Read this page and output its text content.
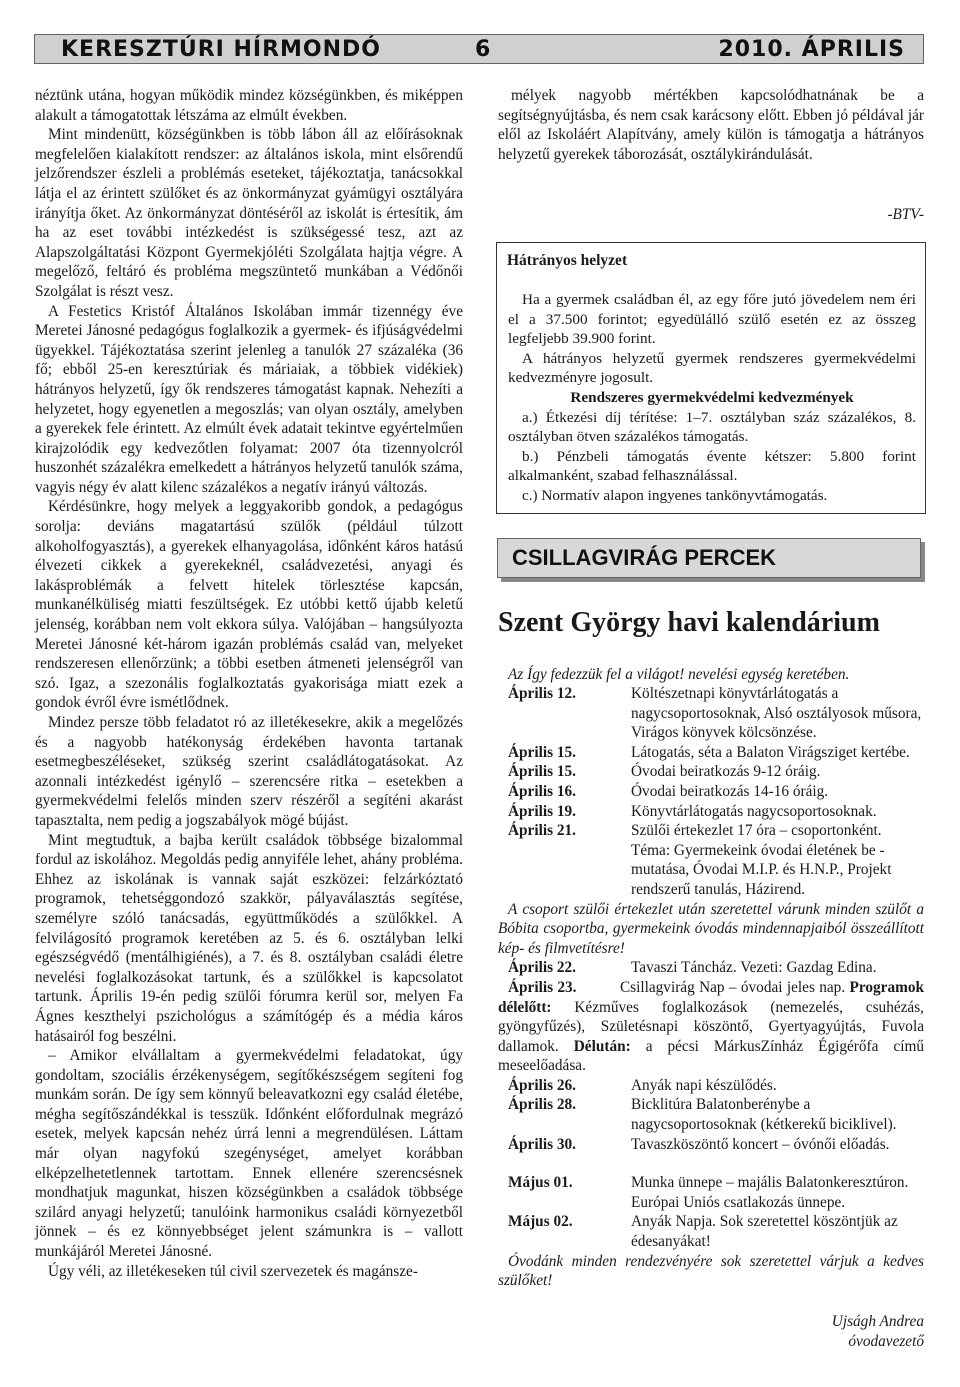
KERESZTÚRI HÍRMONDÓ	6	2010. ÁPRILIS

néztünk utána, hogyan működik mindez községünkben, és miképpen alakult a támogatottak létszáma az elmúlt években.

Mint mindenütt, községünkben is több lábon áll az előírásoknak megfelelően kialakított rendszer: az általános iskola, mint elsőrendű jelzőrendszer észleli a problémás eseteket, tájékoztatja, tanácsokkal látja el az érintett szülőket és az önkormányzat gyámügyi osztályára irányítja őket. Az önkormányzat döntéséről az iskolát is értesítik, ám ha az eset további intézkedést is szükségessé tesz, azt az Alapszolgáltatási Központ Gyermekjóléti Szolgálata hajtja végre. A megelőző, feltáró és probléma megszüntető munkában a Védőnői Szolgálat is részt vesz.

A Festetics Kristóf Általános Iskolában immár tizennégy éve Meretei Jánosné pedagógus foglalkozik a gyermek- és ifjúságvédelmi ügyekkel. Tájékoztatása szerint jelenleg a tanulók 27 százaléka (36 fő; ebből 25-en keresztúriak és máriaiak, a többiek vidékiek) hátrányos helyzetű, így ők rendszeres támogatást kapnak. Nehezíti a helyzetet, hogy egyenetlen a megoszlás; van olyan osztály, amelyben a gyerekek fele érintett. Az elmúlt évek adatait tekintve egyértelműen kirajzolódik egy kedvezőtlen folyamat: 2007 óta tizennyolcról huszonhét százalékra emelkedett a hátrányos helyzetű tanulók száma, vagyis négy év alatt kilenc százalékos a negatív irányú változás.

Kérdésünkre, hogy melyek a leggyakoribb gondok, a pedagógus sorolja: deviáns magatartású szülők (például túlzott alkoholfogyasztás), a gyerekek elhanyagolása, időnként káros hatású élvezeti cikkek a gyerekeknél, családvezetési, anyagi és lakásproblémák a felvett hitelek törlesztése kapcsán, munkanélküliség miatti feszültségek. Ez utóbbi kettő újabb keletű jelenség, korábban nem volt ekkora súlya. Valójában – hangsúlyozta Meretei Jánosné két-három igazán problémás család van, melyeket rendszeresen ellenőrzünk; a többi esetben átmeneti jelenségről van szó. Igaz, a szezonális foglalkoztatás gyakorisága miatt ezek a gondok évről évre ismétlődnek.

Mindez persze több feladatot ró az illetékesekre, akik a megelőzés és a nagyobb hatékonyság érdekében havonta tartanak esetmegbeszéléseket, szükség szerint családlátogatásokat. Az azonnali intézkedést igénylő – szerencsére ritka – esetekben a gyermekvédelmi felelős minden szerv részéről a segíténi akarást tapasztalta, nem pedig a jogszabályok mögé bújást.

Mint megtudtuk, a bajba került családok többsége bizalommal fordul az iskolához. Megoldás pedig annyiféle lehet, ahány probléma. Ehhez az iskolának is vannak saját eszközei: felzárkóztató programok, tehetséggondozó szakkör, pályaválasztás segítése, személyre szóló tanácsadás, együttműködés a szülőkkel. A felvilágosító programok keretében az 5. és 6. osztályban lelki egészségvédő (mentálhigiénés), a 7. és 8. osztályban családi életre nevelési foglalkozásokat tartunk, és a szülőkkel is kapcsolatot tartunk. Április 19-én pedig szülői fórumra kerül sor, melyen Fa Ágnes keszthelyi pszichológus a számítógép és a média káros hatásairól fog beszélni.

– Amikor elvállaltam a gyermekvédelmi feladatokat, úgy gondoltam, szociális érzékenységem, segítőkészségem segíteni fog munkám során. De így sem könnyű beleavatkozni egy család életébe, mégha segítőszándékkal is tesszük. Időnként előfordulnak megrázó esetek, melyek kapcsán nehéz úrrá lenni a megrendülésen. Láttam már olyan nagyfokú szegénységet, amelyet korábban elképzelhetetlennek tartottam. Ennek ellenére szerencsésnek mondhatjuk magunkat, hiszen községünkben a családok többsége szilárd anyagi helyzetű; tanulóink harmonikus családi környezetből jönnek – és ez könnyebbséget jelent számunkra is – vallott munkájáról Meretei Jánosné.

Úgy véli, az illetékeseken túl civil szervezetek és magánsze-

mélyek nagyobb mértékben kapcsolódhatnának be a segítségnyújtásba, és nem csak karácsony előtt. Ebben jó példával jár elől az Iskoláért Alapítvány, amely külön is támogatja a hátrányos helyzetű gyerekek táborozását, osztálykirándulását.

-BTV-
Hátrányos helyzet

Ha a gyermek családban él, az egy főre jutó jövedelem nem éri el a 37.500 forintot; egyedülálló szülő esetén ez az összeg legfeljebb 39.900 forint.

A hátrányos helyzetű gyermek rendszeres gyermekvédelmi kedvezményre jogosult.

Rendszeres gyermekvédelmi kedvezmények

a.) Étkezési díj térítése: 1–7. osztályban száz százalékos, 8. osztályban ötven százalékos támogatás.

b.) Pénzbeli támogatás évente kétszer: 5.800 forint alkalmanként, szabad felhasználással.

c.) Normatív alapon ingyenes tankönyvtámogatás.

CSILLAGVIRÁG PERCEK
Szent György havi kalendárium
Az Így fedezzük fel a világot! nevelési egység keretében.
Április 12.	Költészetnapi könyvtárlátogatás a nagycsoportosoknak, Alsó osztályosok műsora, Virágos könyvek kölcsönzése.
Április 15.	Látogatás, séta a Balaton Virágsziget kertébe.
Április 15.	Óvodai beiratkozás 9-12 óráig.
Április 16.	Óvodai beiratkozás 14-16 óráig.
Április 19.	Könyvtárlátogatás nagycsoportosoknak.
Április 21.	Szülői értekezlet 17 óra – csoportonként. Téma: Gyermekeink óvodai életének be - mutatása, Óvodai M.I.P. és H.N.P., Projekt rendszerű tanulás, Házirend.
A csoport szülői értekezlet után szeretettel várunk minden szülőt a Bóbita csoportba, gyermekeink óvodás mindennapjaiból összeállított kép- és filmvetítésre!
Április 22.	Tavaszi Táncház. Vezeti: Gazdag Edina.
Április 23.	Csillagvirág Nap – óvodai jeles nap. Programok délelőtt: Kézműves foglalkozások (nemezelés, csuhézás, gyöngyfűzés), Születésnapi köszöntő, Gyertyagyújtás, Fuvola dallamok. Délután: a pécsi MárkusZínház Égigérőfa című meseelőadása.
Április 26.	Anyák napi készülődés.
Április 28.	Bicklitúra Balatonberénybe a nagycsoportosoknak (kétkerekű biciklivel).
Április 30.	Tavaszköszöntő koncert – óvónői előadás.
Május 01.	Munka ünnepe – majális Balatonkeresztúron. Európai Uniós csatlakozás ünnepe.
Május 02.	Anyák Napja. Sok szeretettel köszöntjük az édesanyákat!
Óvodánk minden rendezvényére sok szeretettel várjuk a kedves szülőket!
Ujságh Andrea
óvodavezető
